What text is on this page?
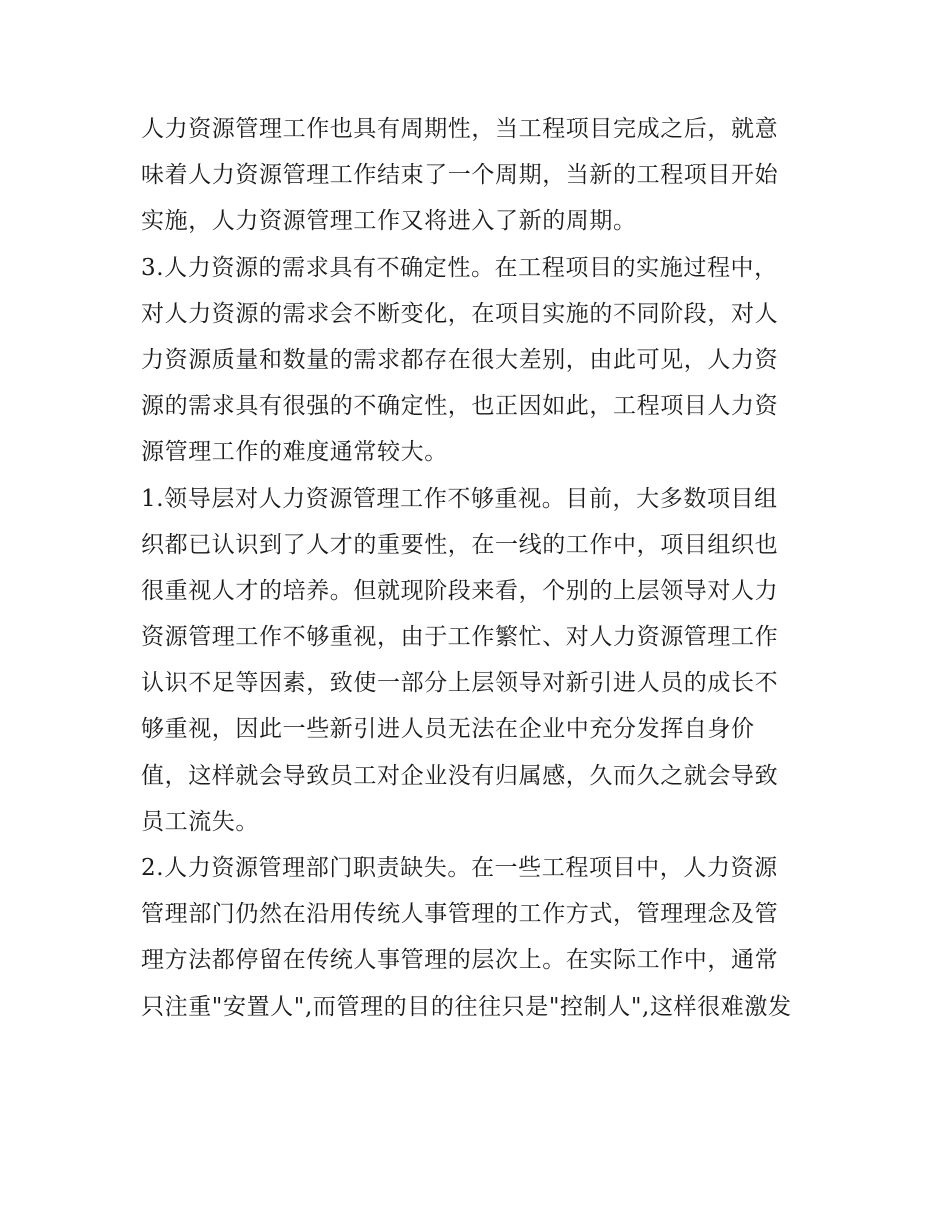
人力资源管理工作也具有周期性，当工程项目完成之后，就意
味着人力资源管理工作结束了一个周期，当新的工程项目开始
实施，人力资源管理工作又将进入了新的周期。
3.人力资源的需求具有不确定性。在工程项目的实施过程中，
对人力资源的需求会不断变化，在项目实施的不同阶段，对人
力资源质量和数量的需求都存在很大差别，由此可见，人力资
源的需求具有很强的不确定性，也正因如此，工程项目人力资
源管理工作的难度通常较大。
1.领导层对人力资源管理工作不够重视。目前，大多数项目组
织都已认识到了人才的重要性，在一线的工作中，项目组织也
很重视人才的培养。但就现阶段来看，个别的上层领导对人力
资源管理工作不够重视，由于工作繁忙、对人力资源管理工作
认识不足等因素，致使一部分上层领导对新引进人员的成长不
够重视，因此一些新引进人员无法在企业中充分发挥自身价
值，这样就会导致员工对企业没有归属感，久而久之就会导致
员工流失。
2.人力资源管理部门职责缺失。在一些工程项目中，人力资源
管理部门仍然在沿用传统人事管理的工作方式，管理理念及管
理方法都停留在传统人事管理的层次上。在实际工作中，通常
只注重"安置人",而管理的目的往往只是"控制人",这样很难激发
